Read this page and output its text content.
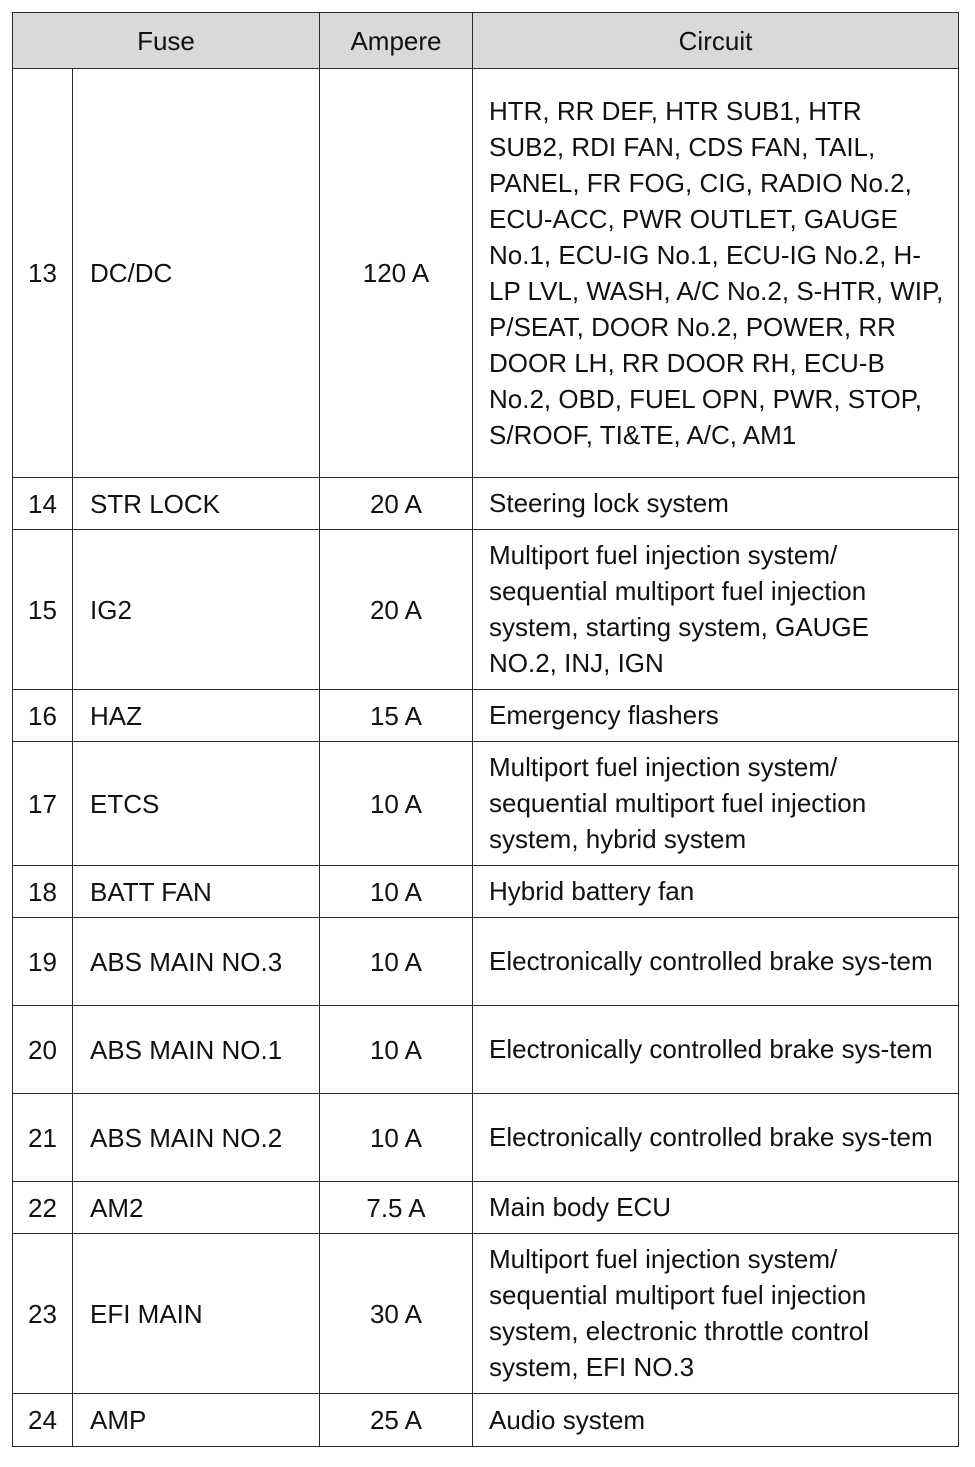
Fuse		Ampere	Circuit
13	DC/DC	120 A	HTR, RR DEF, HTR SUB1, HTR SUB2, RDI FAN, CDS FAN, TAIL, PANEL, FR FOG, CIG, RADIO No.2, ECU-ACC, PWR OUTLET, GAUGE No.1, ECU-IG No.1, ECU-IG No.2, H-LP LVL, WASH, A/C No.2, S-HTR, WIP, P/SEAT, DOOR No.2, POWER, RR DOOR LH, RR DOOR RH, ECU-B No.2, OBD, FUEL OPN, PWR, STOP, S/ROOF, TI&TE, A/C, AM1
14	STR LOCK	20 A	Steering lock system
15	IG2	20 A	Multiport fuel injection system/ sequential multiport fuel injection system, starting system, GAUGE NO.2, INJ, IGN
16	HAZ	15 A	Emergency flashers
17	ETCS	10 A	Multiport fuel injection system/ sequential multiport fuel injection system, hybrid system
18	BATT FAN	10 A	Hybrid battery fan
19	ABS MAIN NO.3	10 A	Electronically controlled brake sys-tem
20	ABS MAIN NO.1	10 A	Electronically controlled brake sys-tem
21	ABS MAIN NO.2	10 A	Electronically controlled brake sys-tem
22	AM2	7.5 A	Main body ECU
23	EFI MAIN	30 A	Multiport fuel injection system/ sequential multiport fuel injection system, electronic throttle control system, EFI NO.3
24	AMP	25 A	Audio system
